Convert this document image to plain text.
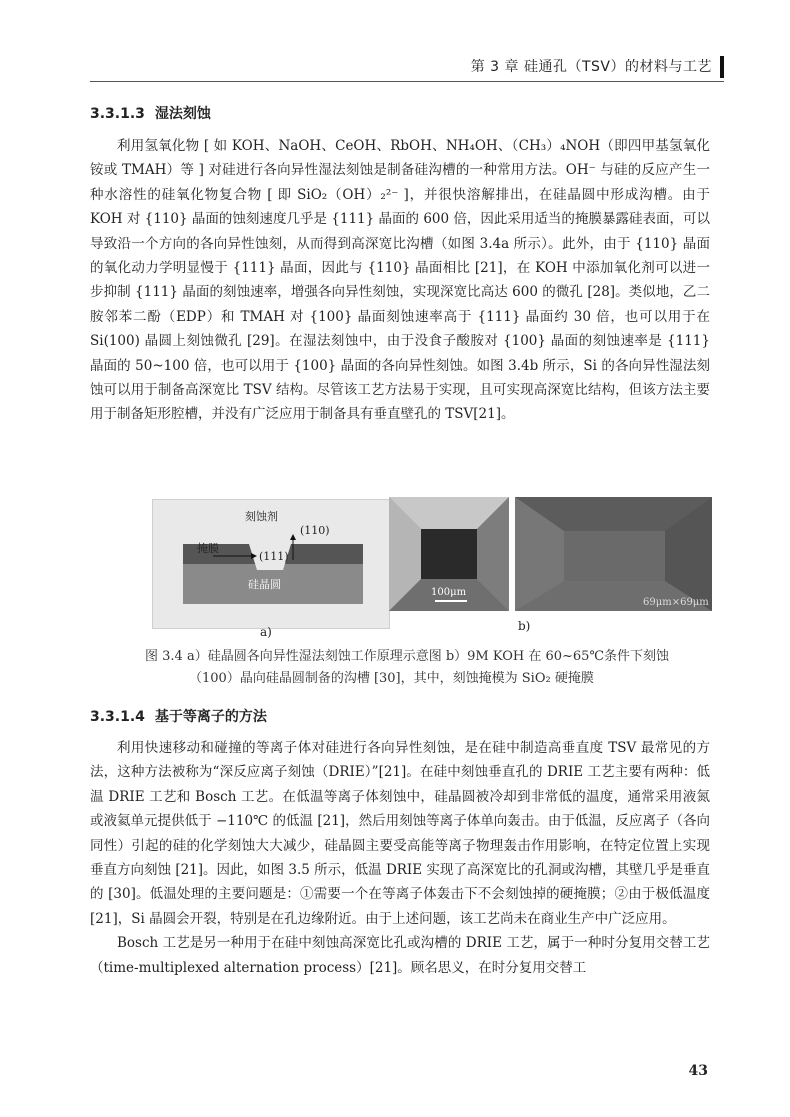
第 3 章 硅通孔（TSV）的材料与工艺
3.3.1.3 湿法刻蚀

利用氢氧化物 [ 如 KOH、NaOH、CeOH、RbOH、NH₄OH、（CH₃）₄NOH（即四甲基氢氧化铵或 TMAH）等 ] 对硅进行各向异性湿法刻蚀是制备硅沟槽的一种常用方法。OH⁻ 与硅的反应产生一种水溶性的硅氧化物复合物 [ 即 SiO₂（OH）₂²⁻ ]，并很快溶解排出，在硅晶圆中形成沟槽。由于 KOH 对 {110} 晶面的蚀刻速度几乎是 {111} 晶面的 600 倍，因此采用适当的掩膜暴露硅表面，可以导致沿一个方向的各向异性蚀刻，从而得到高深宽比沟槽（如图 3.4a 所示）。此外，由于 {110} 晶面的氧化动力学明显慢于 {111} 晶面，因此与 {110} 晶面相比 [21]，在 KOH 中添加氧化剂可以进一步抑制 {111} 晶面的刻蚀速率，增强各向异性刻蚀，实现深宽比高达 600 的微孔 [28]。类似地，乙二胺邻苯二酚（EDP）和 TMAH 对 {100} 晶面刻蚀速率高于 {111} 晶面约 30 倍，也可以用于在 Si(100) 晶圆上刻蚀微孔 [29]。在湿法刻蚀中，由于没食子酸胺对 {100} 晶面的刻蚀速率是 {111} 晶面的 50~100 倍，也可以用于 {100} 晶面的各向异性刻蚀。如图 3.4b 所示，Si 的各向异性湿法刻蚀可以用于制备高深宽比 TSV 结构。尽管该工艺方法易于实现，且可实现高深宽比结构，但该方法主要用于制备矩形腔槽，并没有广泛应用于制备具有垂直壁孔的 TSV[21]。

刻蚀剂
掩膜
(111)
(110)
硅晶圆
100μm
69μm×69μm
a)	b)
图 3.4 a）硅晶圆各向异性湿法刻蚀工作原理示意图 b）9M KOH 在 60~65℃条件下刻蚀
（100）晶向硅晶圆制备的沟槽 [30]，其中，刻蚀掩模为 SiO₂ 硬掩膜
3.3.1.4 基于等离子的方法

利用快速移动和碰撞的等离子体对硅进行各向异性刻蚀，是在硅中制造高垂直度 TSV 最常见的方法，这种方法被称为“深反应离子刻蚀（DRIE）”[21]。在硅中刻蚀垂直孔的 DRIE 工艺主要有两种：低温 DRIE 工艺和 Bosch 工艺。在低温等离子体刻蚀中，硅晶圆被冷却到非常低的温度，通常采用液氮或液氦单元提供低于 −110℃ 的低温 [21]，然后用刻蚀等离子体单向轰击。由于低温，反应离子（各向同性）引起的硅的化学刻蚀大大减少，硅晶圆主要受高能等离子物理轰击作用影响，在特定位置上实现垂直方向刻蚀 [21]。因此，如图 3.5 所示，低温 DRIE 实现了高深宽比的孔洞或沟槽，其壁几乎是垂直的 [30]。低温处理的主要问题是：①需要一个在等离子体轰击下不会刻蚀掉的硬掩膜；②由于极低温度 [21]，Si 晶圆会开裂，特别是在孔边缘附近。由于上述问题，该工艺尚未在商业生产中广泛应用。

Bosch 工艺是另一种用于在硅中刻蚀高深宽比孔或沟槽的 DRIE 工艺，属于一种时分复用交替工艺（time-multiplexed alternation process）[21]。顾名思义，在时分复用交替工

43
